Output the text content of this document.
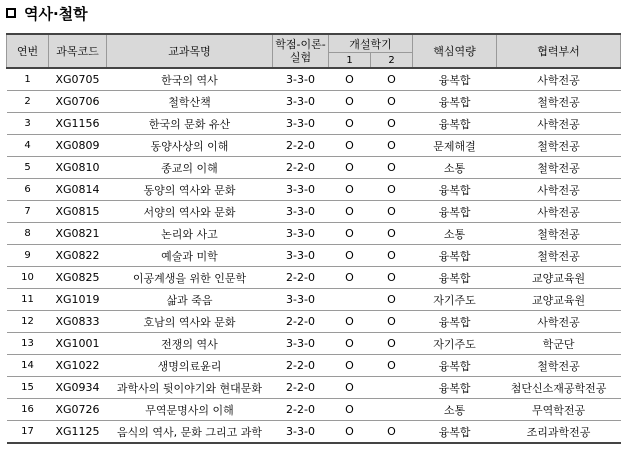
역사·철학
연번	과목코드	교과목명	학점-이론-
실험	개설학기		핵심역량	협력부서
				1	2		
1	XG0705	한국의 역사	3-3-0	O	O	융복합	사학전공
2	XG0706	철학산책	3-3-0	O	O	융복합	철학전공
3	XG1156	한국의 문화 유산	3-3-0	O	O	융복합	사학전공
4	XG0809	동양사상의 이해	2-2-0	O	O	문제해결	철학전공
5	XG0810	종교의 이해	2-2-0	O	O	소통	철학전공
6	XG0814	동양의 역사와 문화	3-3-0	O	O	융복합	사학전공
7	XG0815	서양의 역사와 문화	3-3-0	O	O	융복합	사학전공
8	XG0821	논리와 사고	3-3-0	O	O	소통	철학전공
9	XG0822	예술과 미학	3-3-0	O	O	융복합	철학전공
10	XG0825	이공계생을 위한 인문학	2-2-0	O	O	융복합	교양교육원
11	XG1019	삶과 죽음	3-3-0		O	자기주도	교양교육원
12	XG0833	호남의 역사와 문화	2-2-0	O	O	융복합	사학전공
13	XG1001	전쟁의 역사	3-3-0	O	O	자기주도	학군단
14	XG1022	생명의료윤리	2-2-0	O	O	융복합	철학전공
15	XG0934	과학사의 뒷이야기와 현대문화	2-2-0	O		융복합	첨단신소재공학전공
16	XG0726	무역문명사의 이해	2-2-0	O		소통	무역학전공
17	XG1125	음식의 역사, 문화 그리고 과학	3-3-0	O	O	융복합	조리과학전공
